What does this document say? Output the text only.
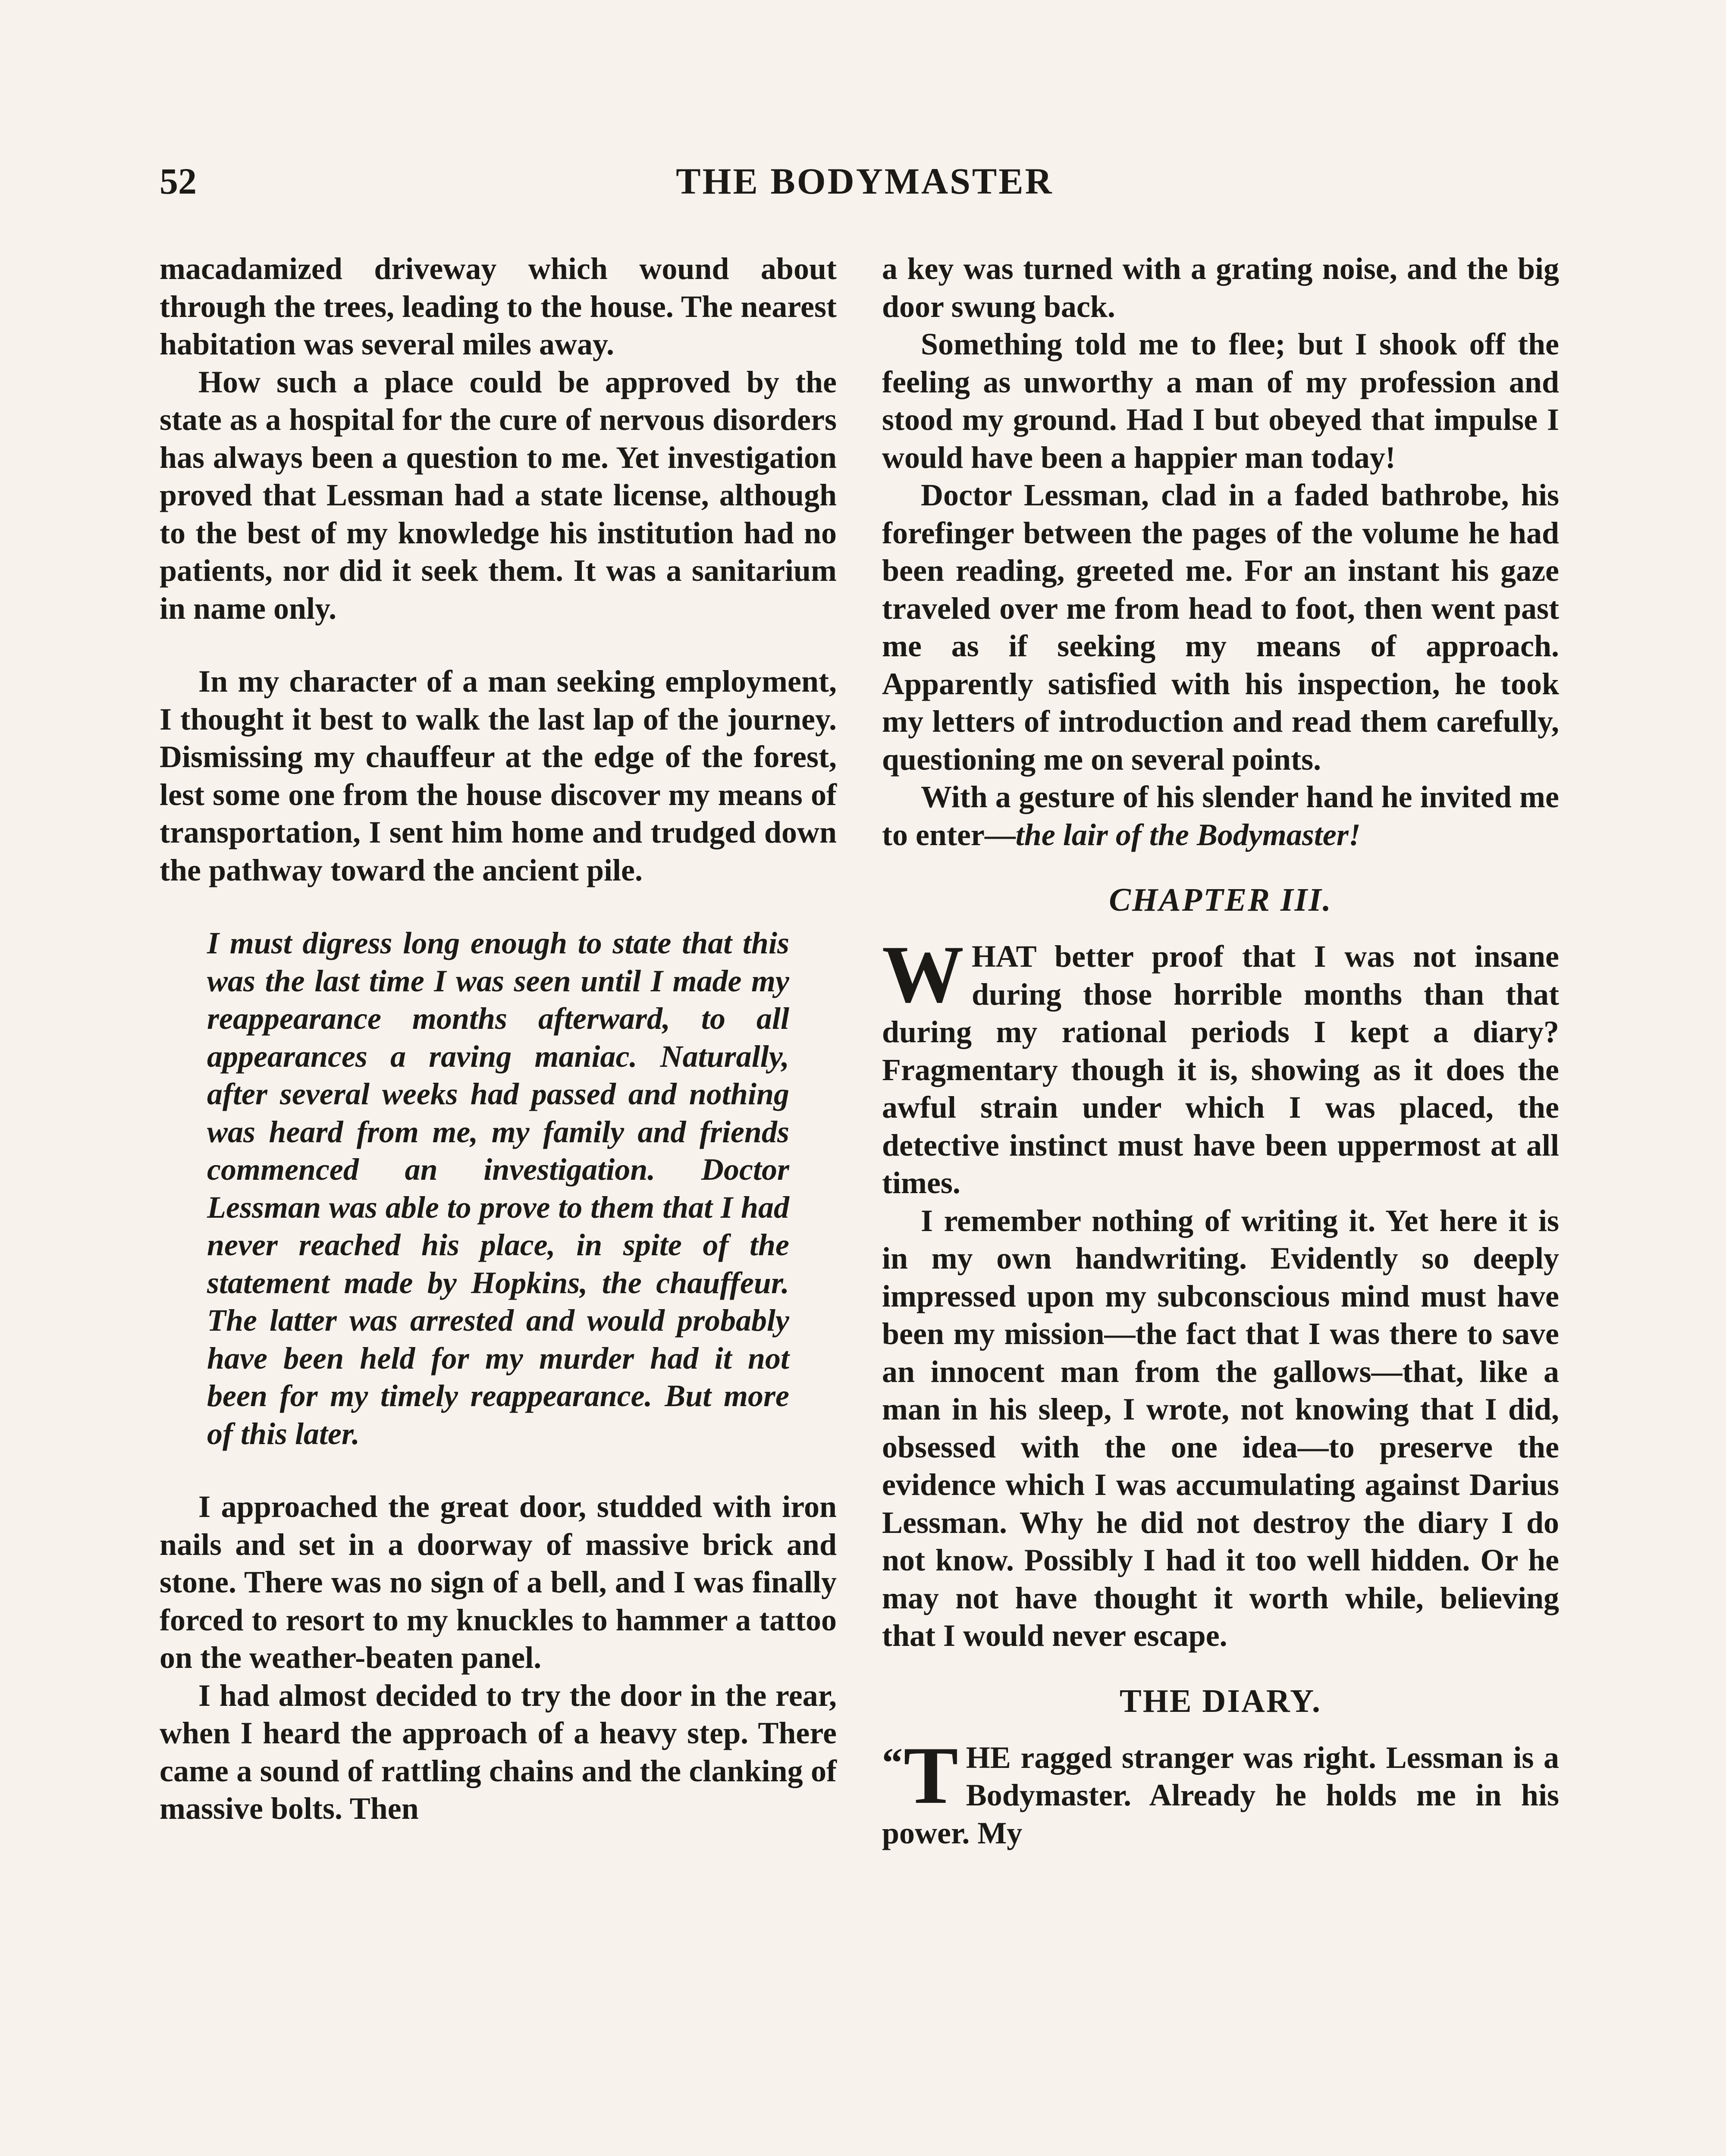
52	THE BODYMASTER

macadamized driveway which wound about through the trees, leading to the house. The nearest habitation was several miles away.

How such a place could be approved by the state as a hospital for the cure of nervous disorders has always been a question to me. Yet investigation proved that Lessman had a state license, although to the best of my knowledge his institution had no patients, nor did it seek them. It was a sanitarium in name only.

In my character of a man seeking employment, I thought it best to walk the last lap of the journey. Dismissing my chauffeur at the edge of the forest, lest some one from the house discover my means of transportation, I sent him home and trudged down the pathway toward the ancient pile.

I must digress long enough to state that this was the last time I was seen until I made my reappearance months afterward, to all appearances a raving maniac. Naturally, after several weeks had passed and nothing was heard from me, my family and friends commenced an investigation. Doctor Lessman was able to prove to them that I had never reached his place, in spite of the statement made by Hopkins, the chauffeur. The latter was arrested and would probably have been held for my murder had it not been for my timely reappearance. But more of this later.

I approached the great door, studded with iron nails and set in a doorway of massive brick and stone. There was no sign of a bell, and I was finally forced to resort to my knuckles to hammer a tattoo on the weather-beaten panel.

I had almost decided to try the door in the rear, when I heard the approach of a heavy step. There came a sound of rattling chains and the clanking of massive bolts. Then

a key was turned with a grating noise, and the big door swung back.

Something told me to flee; but I shook off the feeling as unworthy a man of my profession and stood my ground. Had I but obeyed that impulse I would have been a happier man today!

Doctor Lessman, clad in a faded bathrobe, his forefinger between the pages of the volume he had been reading, greeted me. For an instant his gaze traveled over me from head to foot, then went past me as if seeking my means of approach. Apparently satisfied with his inspection, he took my letters of introduction and read them carefully, questioning me on several points.

With a gesture of his slender hand he invited me to enter—the lair of the Bodymaster!

CHAPTER III.

WHAT better proof that I was not insane during those horrible months than that during my rational periods I kept a diary? Fragmentary though it is, showing as it does the awful strain under which I was placed, the detective instinct must have been uppermost at all times.

I remember nothing of writing it. Yet here it is in my own handwriting. Evidently so deeply impressed upon my subconscious mind must have been my mission—the fact that I was there to save an innocent man from the gallows—that, like a man in his sleep, I wrote, not knowing that I did, obsessed with the one idea—to preserve the evidence which I was accumulating against Darius Lessman. Why he did not destroy the diary I do not know. Possibly I had it too well hidden. Or he may not have thought it worth while, believing that I would never escape.

THE DIARY.

“ T HE ragged stranger was right. Lessman is a Bodymaster. Already he holds me in his power. My
